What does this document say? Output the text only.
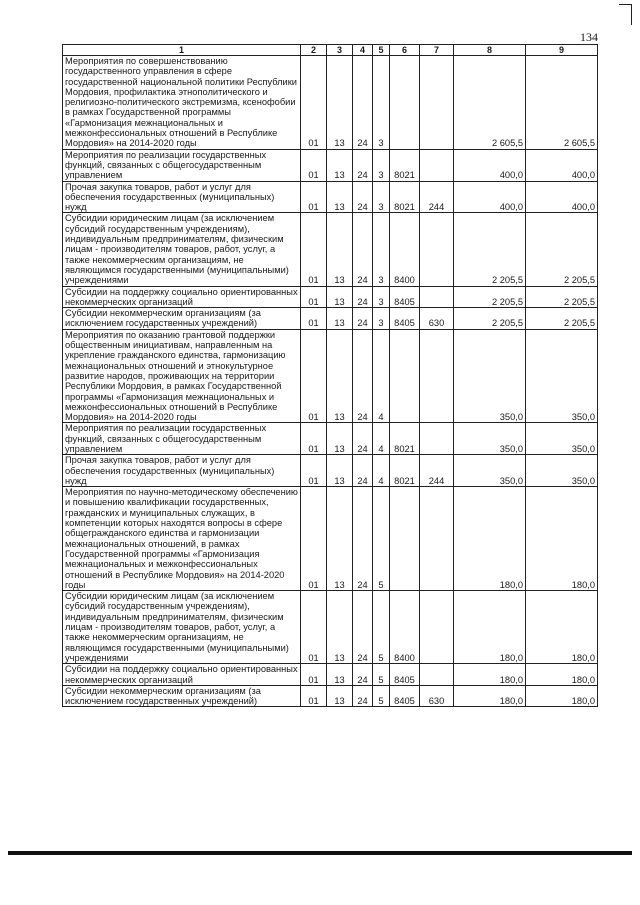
134
1	2	3	4	5	6	7	8	9
Мероприятия по совершенствованию государственного управления в сфере государственной национальной политики Республики Мордовия, профилактика этнополитического и религиозно-политического экстремизма, ксенофобии в рамках Государственной программы «Гармонизация межнациональных и межконфессиональных отношений в Республике Мордовия» на 2014-2020 годы	01	13	24	3			2 605,5	2 605,5
Мероприятия по реализации государственных функций, связанных с общегосударственным управлением	01	13	24	3	8021		400,0	400,0
Прочая закупка товаров, работ и услуг для обеспечения государственных (муниципальных) нужд	01	13	24	3	8021	244	400,0	400,0
Субсидии юридическим лицам (за исключением субсидий государственным учреждениям), индивидуальным предпринимателям, физическим лицам - производителям товаров, работ, услуг, а также некоммерческим организациям, не являющимся государственными (муниципальными) учреждениями	01	13	24	3	8400		2 205,5	2 205,5
Субсидии на поддержку социально ориентированных некоммерческих организаций	01	13	24	3	8405		2 205,5	2 205,5
Субсидии некоммерческим организациям (за исключением государственных учреждений)	01	13	24	3	8405	630	2 205,5	2 205,5
Мероприятия по оказанию грантовой поддержки общественным инициативам, направленным на укрепление гражданского единства, гармонизацию межнациональных отношений и этнокультурное развитие народов, проживающих на территории Республики Мордовия, в рамках Государственной программы «Гармонизация межнациональных и межконфессиональных отношений в Республике Мордовия» на 2014-2020 годы	01	13	24	4			350,0	350,0
Мероприятия по реализации государственных функций, связанных с общегосударственным управлением	01	13	24	4	8021		350,0	350,0
Прочая закупка товаров, работ и услуг для обеспечения государственных (муниципальных) нужд	01	13	24	4	8021	244	350,0	350,0
Мероприятия по научно-методическому обеспечению и повышению квалификации государственных, гражданских и муниципальных служащих, в компетенции которых находятся вопросы в сфере общегражданского единства и гармонизации межнациональных отношений, в рамках Государственной программы «Гармонизация межнациональных и межконфессиональных отношений в Республике Мордовия» на 2014-2020 годы	01	13	24	5			180,0	180,0
Субсидии юридическим лицам (за исключением субсидий государственным учреждениям), индивидуальным предпринимателям, физическим лицам - производителям товаров, работ, услуг, а также некоммерческим организациям, не являющимся государственными (муниципальными) учреждениями	01	13	24	5	8400		180,0	180,0
Субсидии на поддержку социально ориентированных некоммерческих организаций	01	13	24	5	8405		180,0	180,0
Субсидии некоммерческим организациям (за исключением государственных учреждений)	01	13	24	5	8405	630	180,0	180,0
